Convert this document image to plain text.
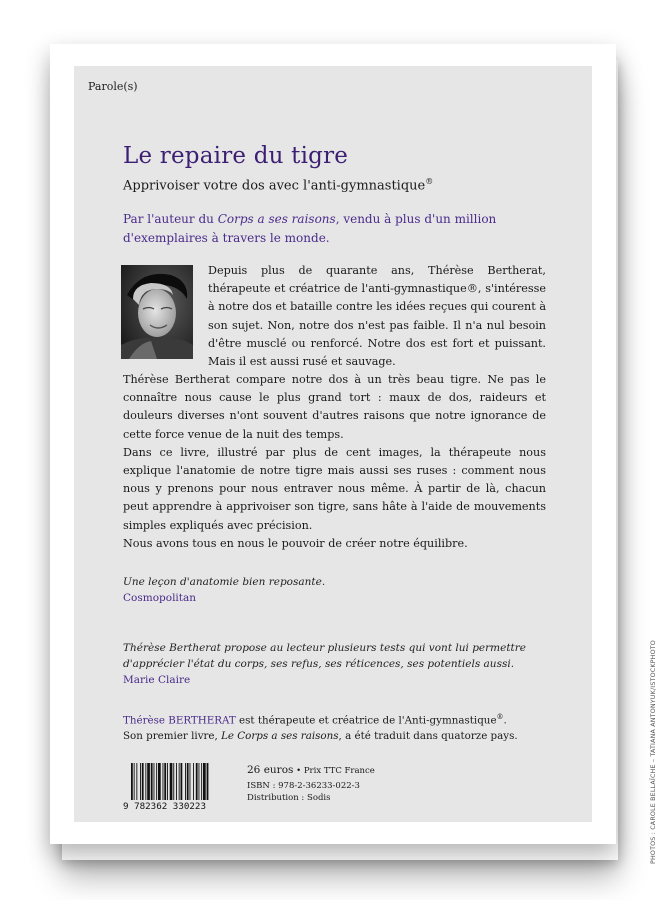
Parole(s)
Le repaire du tigre
Apprivoiser votre dos avec l'anti-gymnastique®
Par l'auteur du Corps a ses raisons, vendu à plus d'un million d'exemplaires à travers le monde.
Depuis plus de quarante ans, Thérèse Bertherat, thérapeute et créatrice de l'anti-gymnastique®, s'intéresse à notre dos et bataille contre les idées reçues qui courent à son sujet. Non, notre dos n'est pas faible. Il n'a nul besoin d'être musclé ou renforcé. Notre dos est fort et puissant. Mais il est aussi rusé et sauvage.

Thérèse Bertherat compare notre dos à un très beau tigre. Ne pas le connaître nous cause le plus grand tort : maux de dos, raideurs et douleurs diverses n'ont souvent d'autres raisons que notre ignorance de cette force venue de la nuit des temps.

Dans ce livre, illustré par plus de cent images, la thérapeute nous explique l'anatomie de notre tigre mais aussi ses ruses : comment nous nous y prenons pour nous entraver nous même. À partir de là, chacun peut apprendre à apprivoiser son tigre, sans hâte à l'aide de mouvements simples expliqués avec précision.

Nous avons tous en nous le pouvoir de créer notre équilibre.

Une leçon d'anatomie bien reposante.
Cosmopolitan
Thérèse Bertherat propose au lecteur plusieurs tests qui vont lui permettre d'apprécier l'état du corps, ses refus, ses réticences, ses potentiels aussi.
Marie Claire
Thérèse BERTHERAT est thérapeute et créatrice de l'Anti-gymnastique®.
Son premier livre, Le Corps a ses raisons, a été traduit dans quatorze pays.
9 782362 330223
26 euros • Prix TTC France
ISBN : 978-2-36233-022-3
Distribution : Sodis	PHOTOS : CAROLE BELLAÏCHE – TATIANA ANTONYUK/ISTOCKPHOTO
